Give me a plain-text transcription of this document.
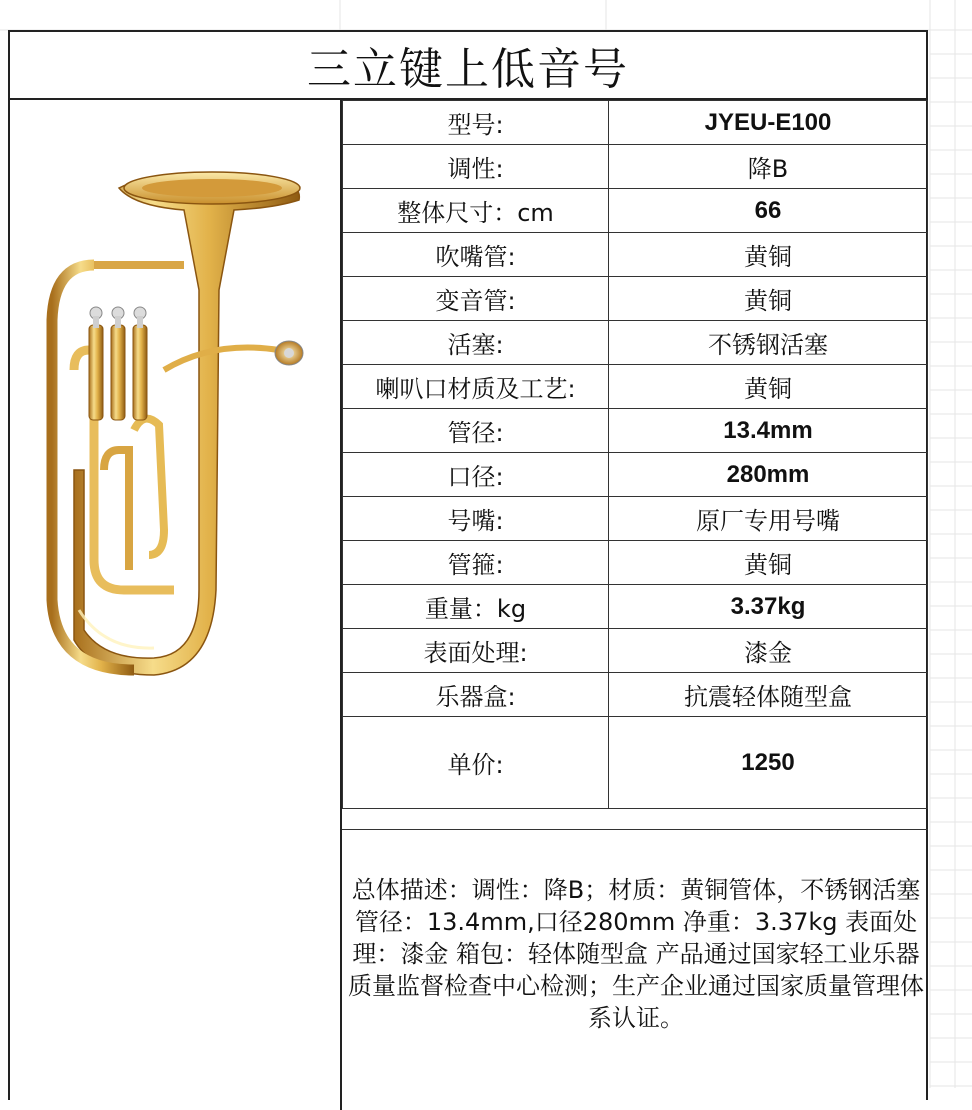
三立键上低音号
型号:	JYEU-E100
调性:	降B
整体尺寸：cm	66
吹嘴管:	黄铜
变音管:	黄铜
活塞:	不锈钢活塞
喇叭口材质及工艺:	黄铜
管径:	13.4mm
口径:	280mm
号嘴:	原厂专用号嘴
管箍:	黄铜
重量：kg	3.37kg
表面处理:	漆金
乐器盒:	抗震轻体随型盒
单价:	1250
总体描述：调性：降B；材质：黄铜管体，不锈钢活塞 管径：13.4mm,口径280mm 净重：3.37kg 表面处理：漆金 箱包：轻体随型盒 产品通过国家轻工业乐器质量监督检查中心检测；生产企业通过国家质量管理体系认证。
